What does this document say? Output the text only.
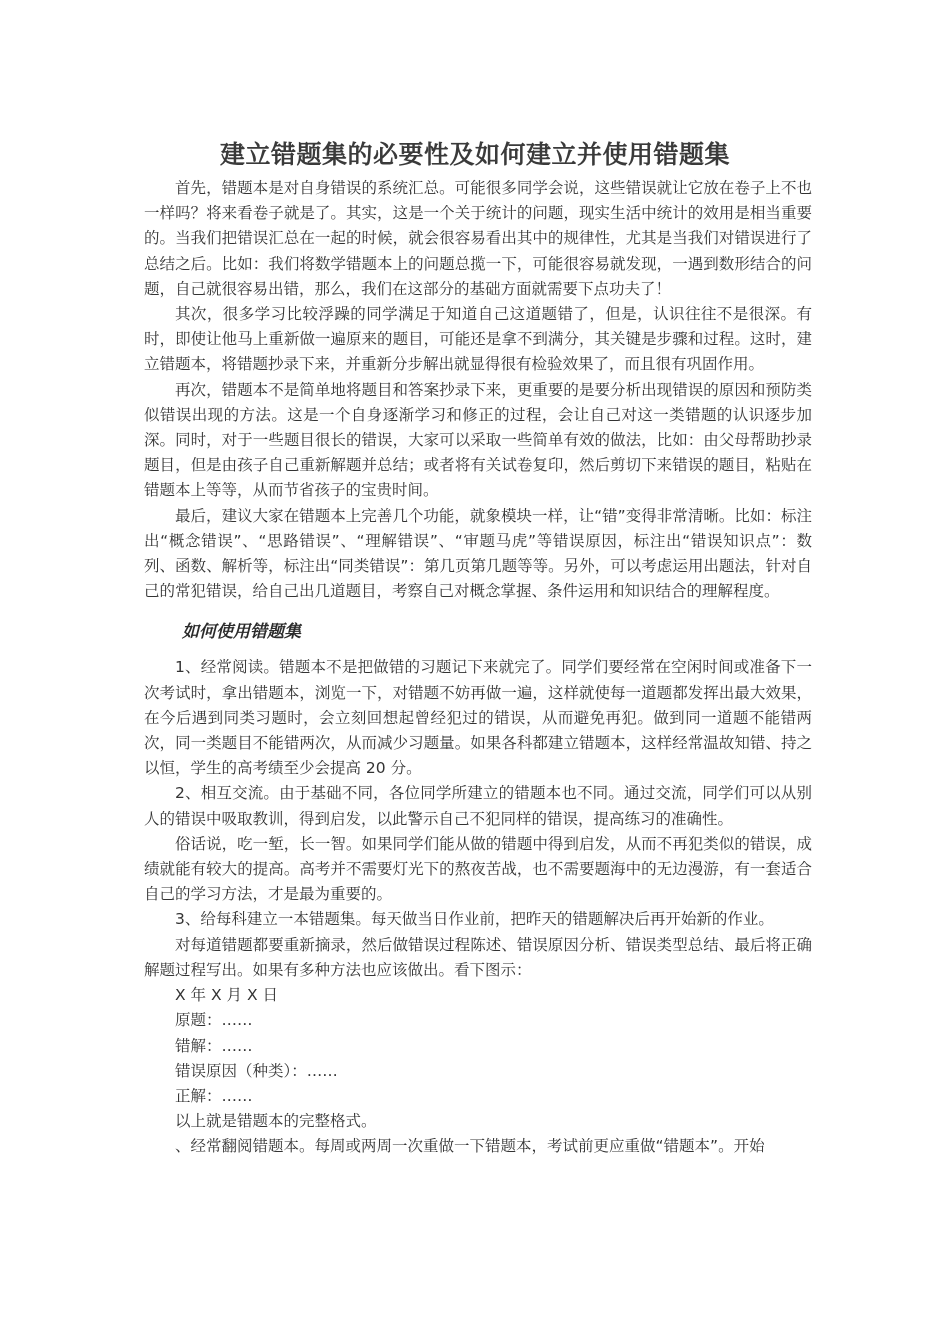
建立错题集的必要性及如何建立并使用错题集

首先，错题本是对自身错误的系统汇总。可能很多同学会说，这些错误就让它放在卷子上不也一样吗？将来看卷子就是了。其实，这是一个关于统计的问题，现实生活中统计的效用是相当重要的。当我们把错误汇总在一起的时候，就会很容易看出其中的规律性，尤其是当我们对错误进行了总结之后。比如：我们将数学错题本上的问题总揽一下，可能很容易就发现，一遇到数形结合的问题，自己就很容易出错，那么，我们在这部分的基础方面就需要下点功夫了！

其次，很多学习比较浮躁的同学满足于知道自己这道题错了，但是，认识往往不是很深。有时，即使让他马上重新做一遍原来的题目，可能还是拿不到满分，其关键是步骤和过程。这时，建立错题本，将错题抄录下来，并重新分步解出就显得很有检验效果了，而且很有巩固作用。

再次，错题本不是简单地将题目和答案抄录下来，更重要的是要分析出现错误的原因和预防类似错误出现的方法。这是一个自身逐渐学习和修正的过程，会让自己对这一类错题的认识逐步加深。同时，对于一些题目很长的错误，大家可以采取一些简单有效的做法，比如：由父母帮助抄录题目，但是由孩子自己重新解题并总结；或者将有关试卷复印，然后剪切下来错误的题目，粘贴在错题本上等等，从而节省孩子的宝贵时间。

最后，建议大家在错题本上完善几个功能，就象模块一样，让“错”变得非常清晰。比如：标注出“概念错误”、“思路错误”、“理解错误”、“审题马虎”等错误原因，标注出“错误知识点”：数列、函数、解析等，标注出“同类错误”：第几页第几题等等。另外，可以考虑运用出题法，针对自己的常犯错误，给自己出几道题目，考察自己对概念掌握、条件运用和知识结合的理解程度。

如何使用错题集

1、经常阅读。错题本不是把做错的习题记下来就完了。同学们要经常在空闲时间或准备下一次考试时，拿出错题本，浏览一下，对错题不妨再做一遍，这样就使每一道题都发挥出最大效果，在今后遇到同类习题时，会立刻回想起曾经犯过的错误，从而避免再犯。做到同一道题不能错两次，同一类题目不能错两次，从而减少习题量。如果各科都建立错题本，这样经常温故知错、持之以恒，学生的高考绩至少会提高 20 分。

2、相互交流。由于基础不同，各位同学所建立的错题本也不同。通过交流，同学们可以从别人的错误中吸取教训，得到启发，以此警示自己不犯同样的错误，提高练习的准确性。

俗话说，吃一堑，长一智。如果同学们能从做的错题中得到启发，从而不再犯类似的错误，成绩就能有较大的提高。高考并不需要灯光下的熬夜苦战，也不需要题海中的无边漫游，有一套适合自己的学习方法，才是最为重要的。

3、给每科建立一本错题集。每天做当日作业前，把昨天的错题解决后再开始新的作业。

对每道错题都要重新摘录，然后做错误过程陈述、错误原因分析、错误类型总结、最后将正确解题过程写出。如果有多种方法也应该做出。看下图示：

X 年 X 月 X 日

原题：……

错解：……

错误原因（种类）：……

正解：……

以上就是错题本的完整格式。

、经常翻阅错题本。每周或两周一次重做一下错题本，考试前更应重做“错题本”。开始
